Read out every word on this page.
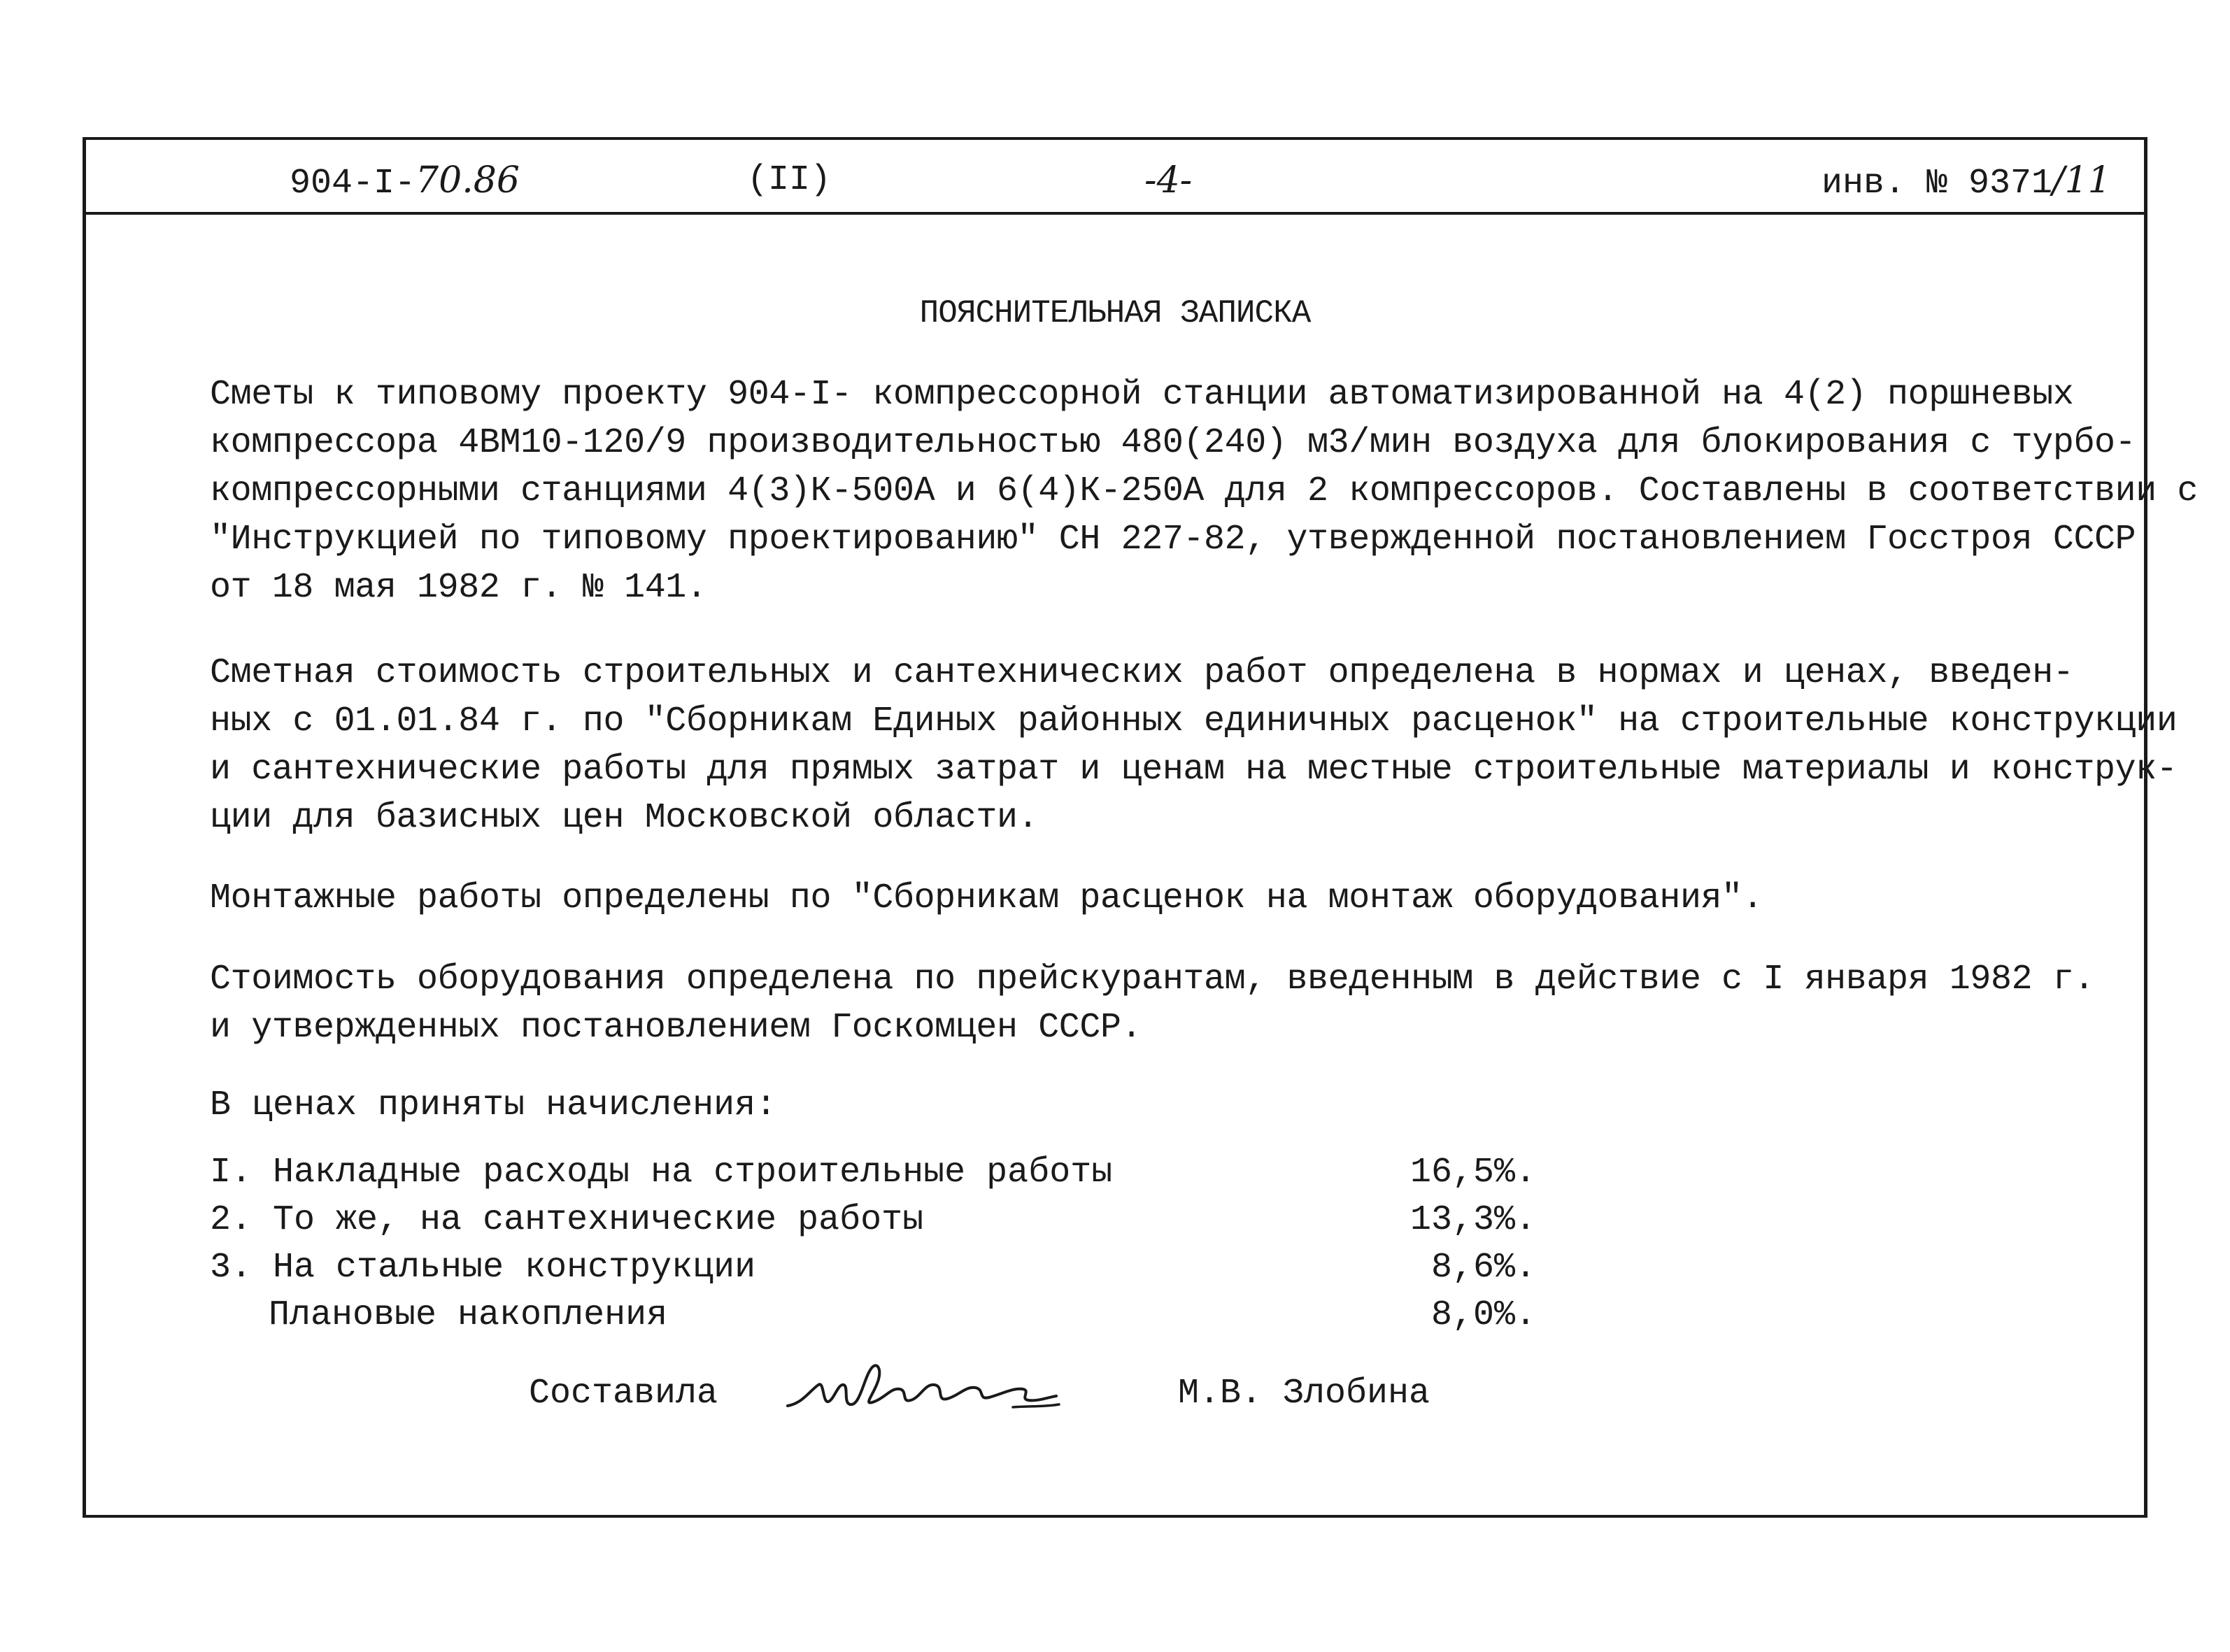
904-I-70.86	(II)	-4-	инв. № 9371/11
ПОЯСНИТЕЛЬНАЯ ЗАПИСКА
Сметы к типовому проекту 904-I- компрессорной станции автоматизированной на 4(2) поршневых
компрессора 4ВМ10-120/9 производительностью 480(240) м3/мин воздуха для блокирования с турбо-
компрессорными станциями 4(3)К-500А и 6(4)К-250А для 2 компрессоров. Составлены в соответствии с
"Инструкцией по типовому проектированию" СН 227-82, утвержденной постановлением Госстроя СССР
от 18 мая 1982 г. № 141.
Сметная стоимость строительных и сантехнических работ определена в нормах и ценах, введен-
ных с 01.01.84 г. по "Сборникам Единых районных единичных расценок" на строительные конструкции
и сантехнические работы для прямых затрат и ценам на местные строительные материалы и конструк-
ции для базисных цен Московской области.
Монтажные работы определены по "Сборникам расценок на монтаж оборудования".
Стоимость оборудования определена по прейскурантам, введенным в действие с I января 1982 г.
и утвержденных постановлением Госкомцен СССР.
В ценах приняты начисления:
I. Накладные расходы на строительные работы	16,5%.
2. То же, на сантехнические работы	13,3%.
3. На стальные конструкции	8,6%.
Плановые накопления	8,0%.
Составила	М.В. Злобина
